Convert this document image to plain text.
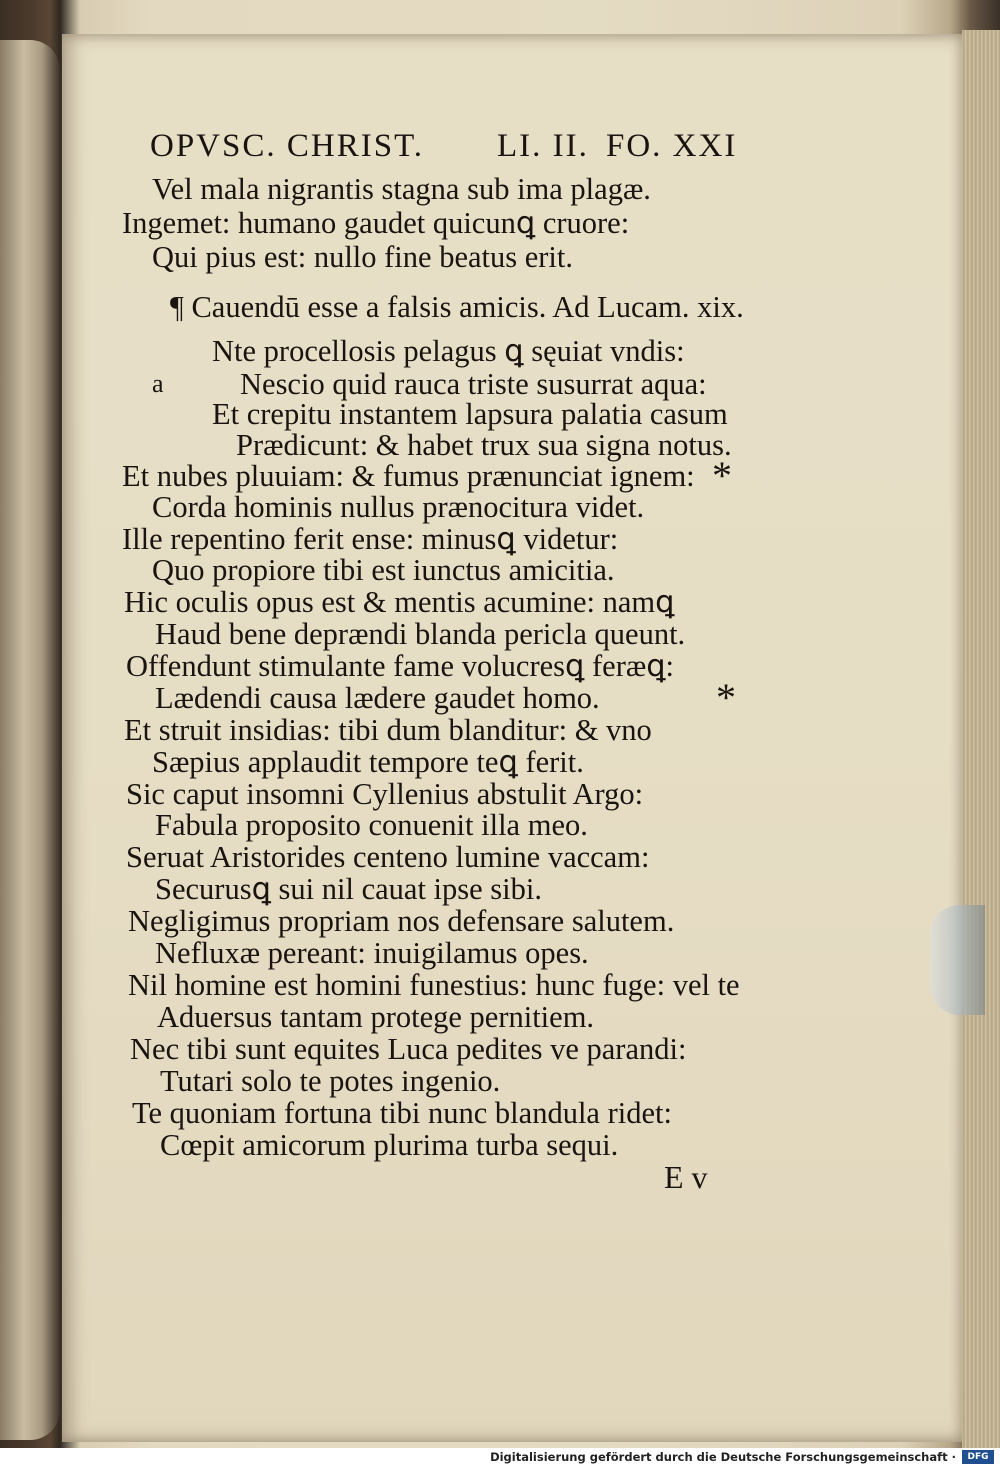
OPVSC. CHRIST. LI. II. FO. XXI
Vel mala nigrantis stagna sub ima plagæ.
Ingemet: humano gaudet quicunꝗ cruore:
Qui pius est: nullo fine beatus erit.
¶ Cauendū esse a falsis amicis. Ad Lucam. xix.
Nte procellosis pelagus ꝗ sęuiat vndis:
a	Nescio quid rauca triste susurrat aqua:
Et crepitu instantem lapsura palatia casum
Prædicunt: & habet trux sua signa notus.
Et nubes pluuiam: & fumus prænunciat ignem: *
Corda hominis nullus prænocitura videt.
Ille repentino ferit ense: minusꝗ videtur:
Quo propiore tibi est iunctus amicitia.
Hic oculis opus est & mentis acumine: namꝗ
Haud bene deprændi blanda pericla queunt.
Offendunt stimulante fame volucresꝗ feræꝗ:
Lædendi causa lædere gaudet homo.	*
Et struit insidias: tibi dum blanditur: & vno
Sæpius applaudit tempore teꝗ ferit.
Sic caput insomni Cyllenius abstulit Argo:
Fabula proposito conuenit illa meo.
Seruat Aristorides centeno lumine vaccam:
Securusꝗ sui nil cauat ipse sibi.
Negligimus propriam nos defensare salutem.
Nefluxæ pereant: inuigilamus opes.
Nil homine est homini funestius: hunc fuge: vel te
Aduersus tantam protege pernitiem.
Nec tibi sunt equites Luca pedites ve parandi:
Tutari solo te potes ingenio.
Te quoniam fortuna tibi nunc blandula ridet:
Cœpit amicorum plurima turba sequi.
E v
Digitalisierung gefördert durch die Deutsche Forschungsgemeinschaft ·	DFG
